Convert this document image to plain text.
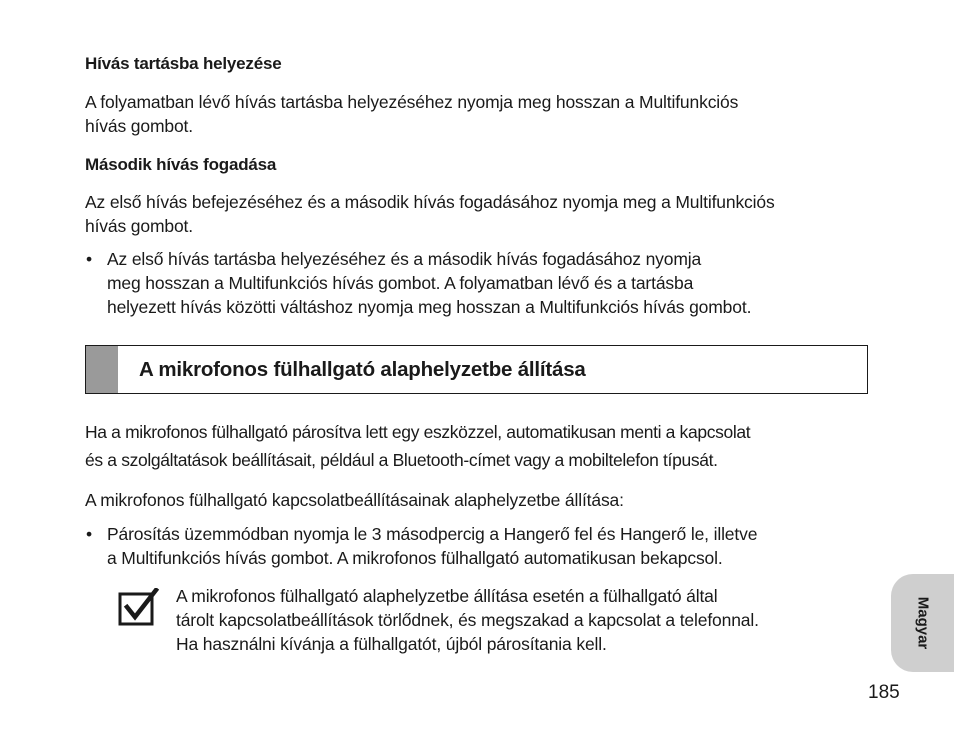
Hívás tartásba helyezése
A folyamatban lévő hívás tartásba helyezéséhez nyomja meg hosszan a Multifunkciós
hívás gombot.
Második hívás fogadása
Az első hívás befejezéséhez és a második hívás fogadásához nyomja meg a Multifunkciós
hívás gombot.
• Az első hívás tartásba helyezéséhez és a második hívás fogadásához nyomja
meg hosszan a Multifunkciós hívás gombot. A folyamatban lévő és a tartásba
helyezett hívás közötti váltáshoz nyomja meg hosszan a Multifunkciós hívás gombot.
A mikrofonos fülhallgató alaphelyzetbe állítása
Ha a mikrofonos fülhallgató párosítva lett egy eszközzel, automatikusan menti a kapcsolat
és a szolgáltatások beállításait, például a Bluetooth-címet vagy a mobiltelefon típusát.
A mikrofonos fülhallgató kapcsolatbeállításainak alaphelyzetbe állítása:
• Párosítás üzemmódban nyomja le 3 másodpercig a Hangerő fel és Hangerő le, illetve
a Multifunkciós hívás gombot. A mikrofonos fülhallgató automatikusan bekapcsol.
A mikrofonos fülhallgató alaphelyzetbe állítása esetén a fülhallgató által
tárolt kapcsolatbeállítások törlődnek, és megszakad a kapcsolat a telefonnal.
Ha használni kívánja a fülhallgatót, újból párosítania kell.	Magyar
185
